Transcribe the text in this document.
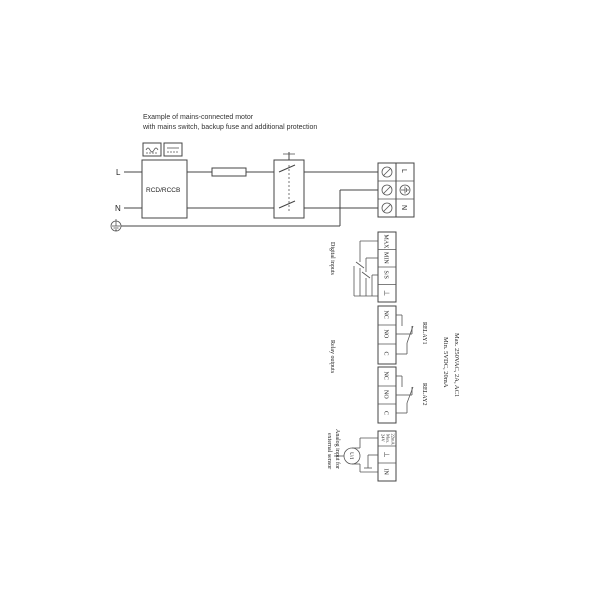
Example of mains-connected motor
with mains switch, backup fuse and additional protection
RCD/RCCB
L
N
L
N
MAX
MIN
S/S
⊥
Digital inputs
NC
NO
C
RELAY1
NC
NO
C
RELAY2	Max. 250VAC, 2A, AC1
Min. 5VDC, 20mA
Relay outputs
24V Max. 22mA
⊥
IN
U/I
Analog input for
external sensor
